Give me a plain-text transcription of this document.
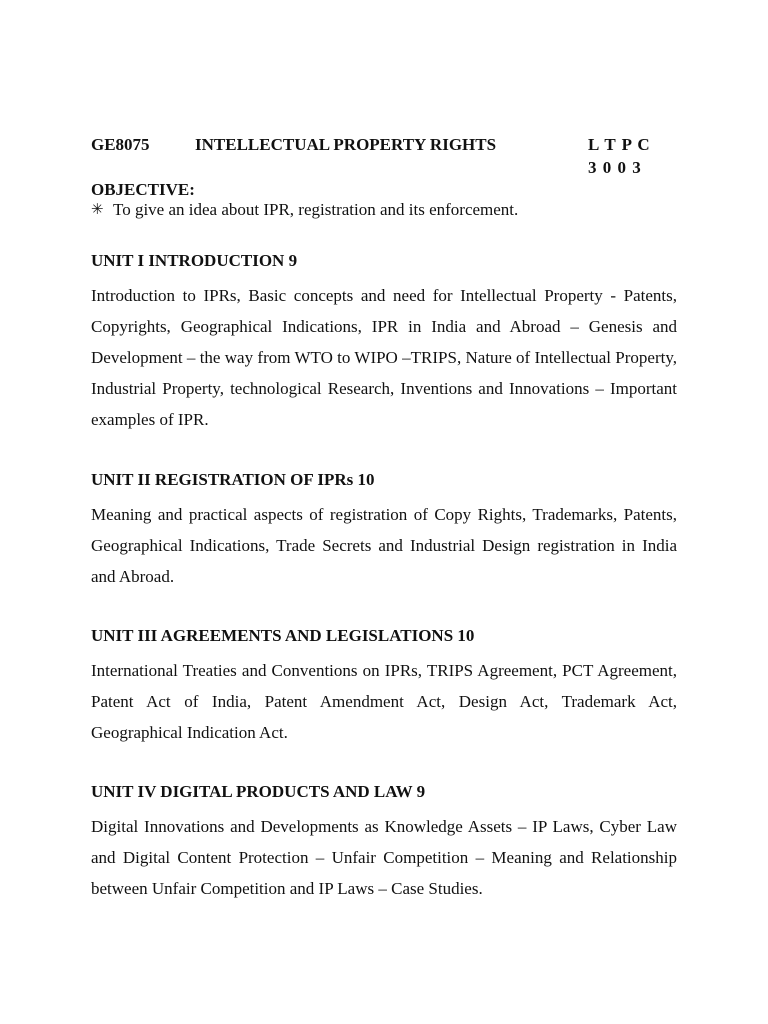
GE8075	INTELLECTUAL PROPERTY RIGHTS	L T P C
3 0 0 3
OBJECTIVE:
✳ To give an idea about IPR, registration and its enforcement.

UNIT I INTRODUCTION 9

Introduction to IPRs, Basic concepts and need for Intellectual Property - Patents, Copyrights, Geographical Indications, IPR in India and Abroad – Genesis and Development – the way from WTO to WIPO –TRIPS, Nature of Intellectual Property, Industrial Property, technological Research, Inventions and Innovations – Important examples of IPR.

UNIT II REGISTRATION OF IPRs 10

Meaning and practical aspects of registration of Copy Rights, Trademarks, Patents, Geographical Indications, Trade Secrets and Industrial Design registration in India and Abroad.

UNIT III AGREEMENTS AND LEGISLATIONS 10

International Treaties and Conventions on IPRs, TRIPS Agreement, PCT Agreement, Patent Act of India, Patent Amendment Act, Design Act, Trademark Act, Geographical Indication Act.

UNIT IV DIGITAL PRODUCTS AND LAW 9

Digital Innovations and Developments as Knowledge Assets – IP Laws, Cyber Law and Digital Content Protection – Unfair Competition – Meaning and Relationship between Unfair Competition and IP Laws – Case Studies.
